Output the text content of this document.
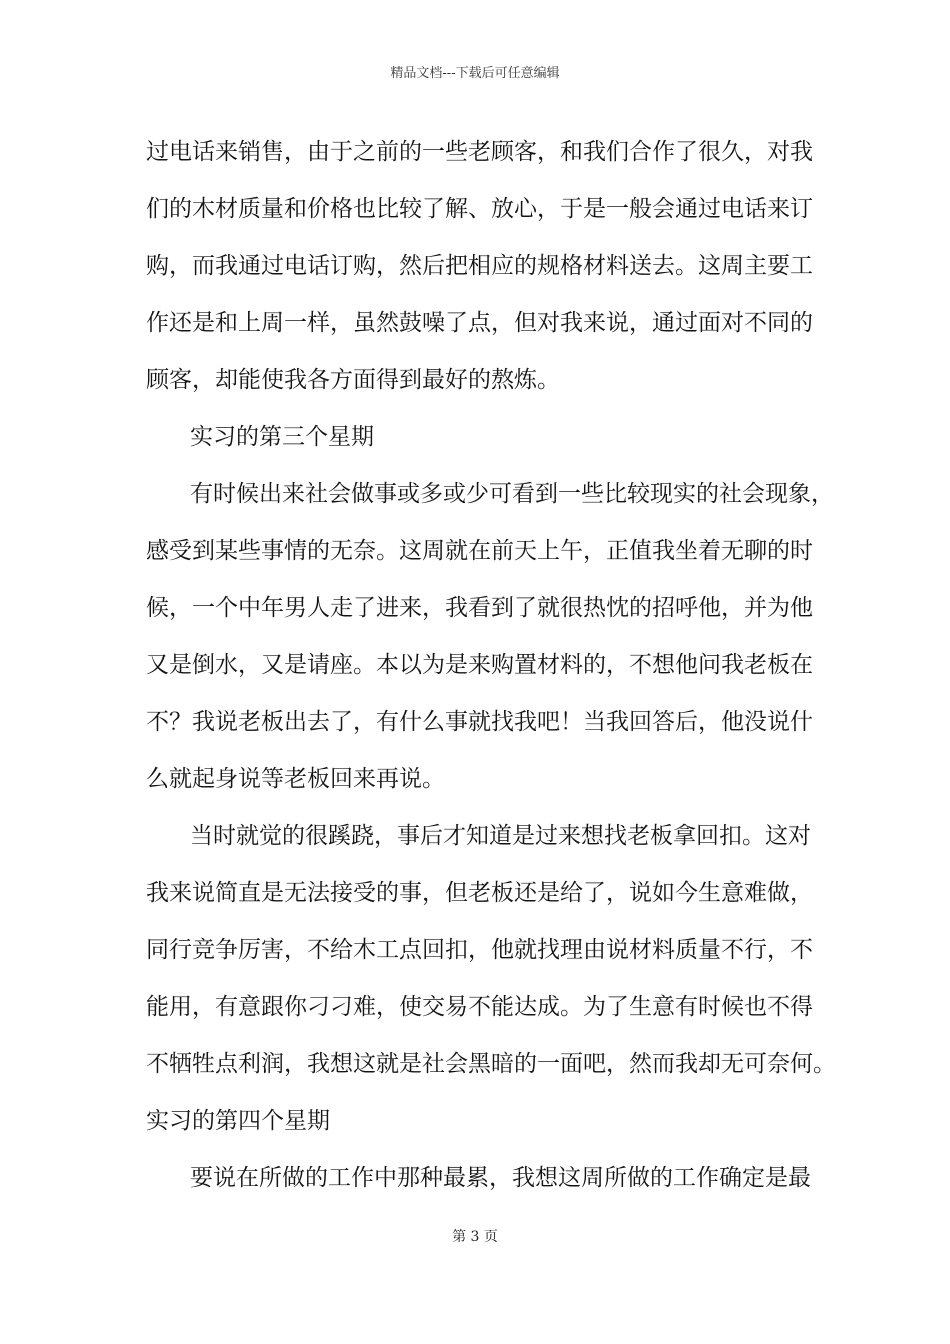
精品文档---下载后可任意编辑
过电话来销售，由于之前的一些老顾客，和我们合作了很久，对我
们的木材质量和价格也比较了解、放心，于是一般会通过电话来订
购，而我通过电话订购，然后把相应的规格材料送去。这周主要工
作还是和上周一样，虽然鼓噪了点，但对我来说，通过面对不同的
顾客，却能使我各方面得到最好的熬炼。
实习的第三个星期
有时候出来社会做事或多或少可看到一些比较现实的社会现象，
感受到某些事情的无奈。这周就在前天上午，正值我坐着无聊的时
候，一个中年男人走了进来，我看到了就很热忱的招呼他，并为他
又是倒水，又是请座。本以为是来购置材料的，不想他问我老板在
不？我说老板出去了，有什么事就找我吧！当我回答后，他没说什
么就起身说等老板回来再说。
当时就觉的很蹊跷，事后才知道是过来想找老板拿回扣。这对
我来说简直是无法接受的事，但老板还是给了，说如今生意难做，
同行竞争厉害，不给木工点回扣，他就找理由说材料质量不行，不
能用，有意跟你刁刁难，使交易不能达成。为了生意有时候也不得
不牺牲点利润，我想这就是社会黑暗的一面吧，然而我却无可奈何。
实习的第四个星期
要说在所做的工作中那种最累，我想这周所做的工作确定是最
第 3 页
